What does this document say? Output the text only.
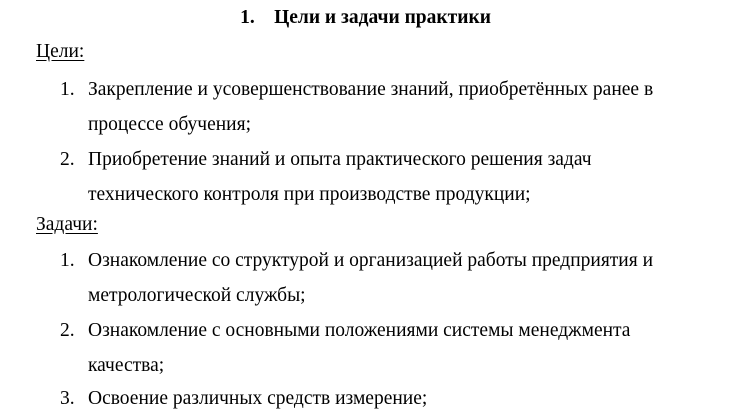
1. Цели и задачи практики
Цели:
1. Закрепление и усовершенствование знаний, приобретённых ранее в
процессе обучения;
2. Приобретение знаний и опыта практического решения задач
технического контроля при производстве продукции;
Задачи:
1. Ознакомление со структурой и организацией работы предприятия и
метрологической службы;
2. Ознакомление с основными положениями системы менеджмента
качества;
3. Освоение различных средств измерение;
